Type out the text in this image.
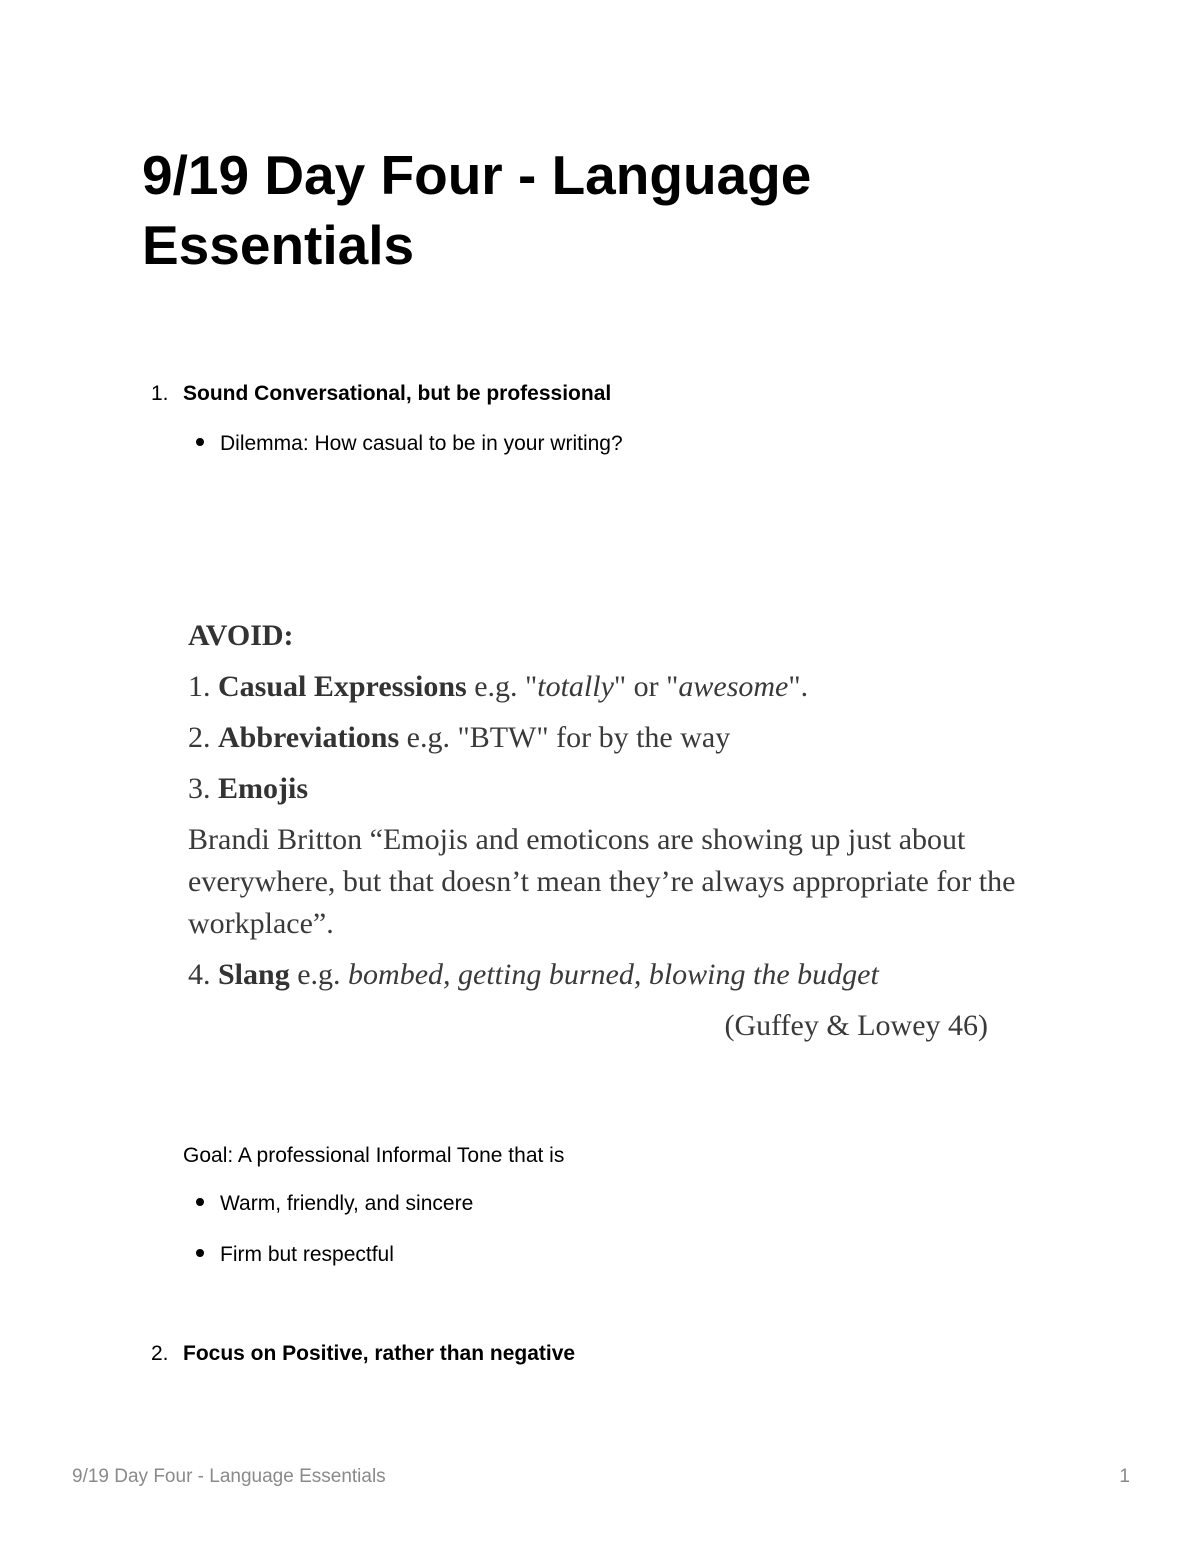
9/19 Day Four - Language Essentials
1. Sound Conversational, but be professional
Dilemma: How casual to be in your writing?
AVOID:
1. Casual Expressions e.g. "totally" or "awesome".
2. Abbreviations e.g. "BTW" for by the way
3. Emojis
Brandi Britton “Emojis and emoticons are showing up just about everywhere, but that doesn’t mean they’re always appropriate for the workplace”.
4. Slang e.g. bombed, getting burned, blowing the budget
(Guffey & Lowey 46)
Goal: A professional Informal Tone that is
Warm, friendly, and sincere
Firm but respectful
2. Focus on Positive, rather than negative
9/19 Day Four - Language Essentials	1
